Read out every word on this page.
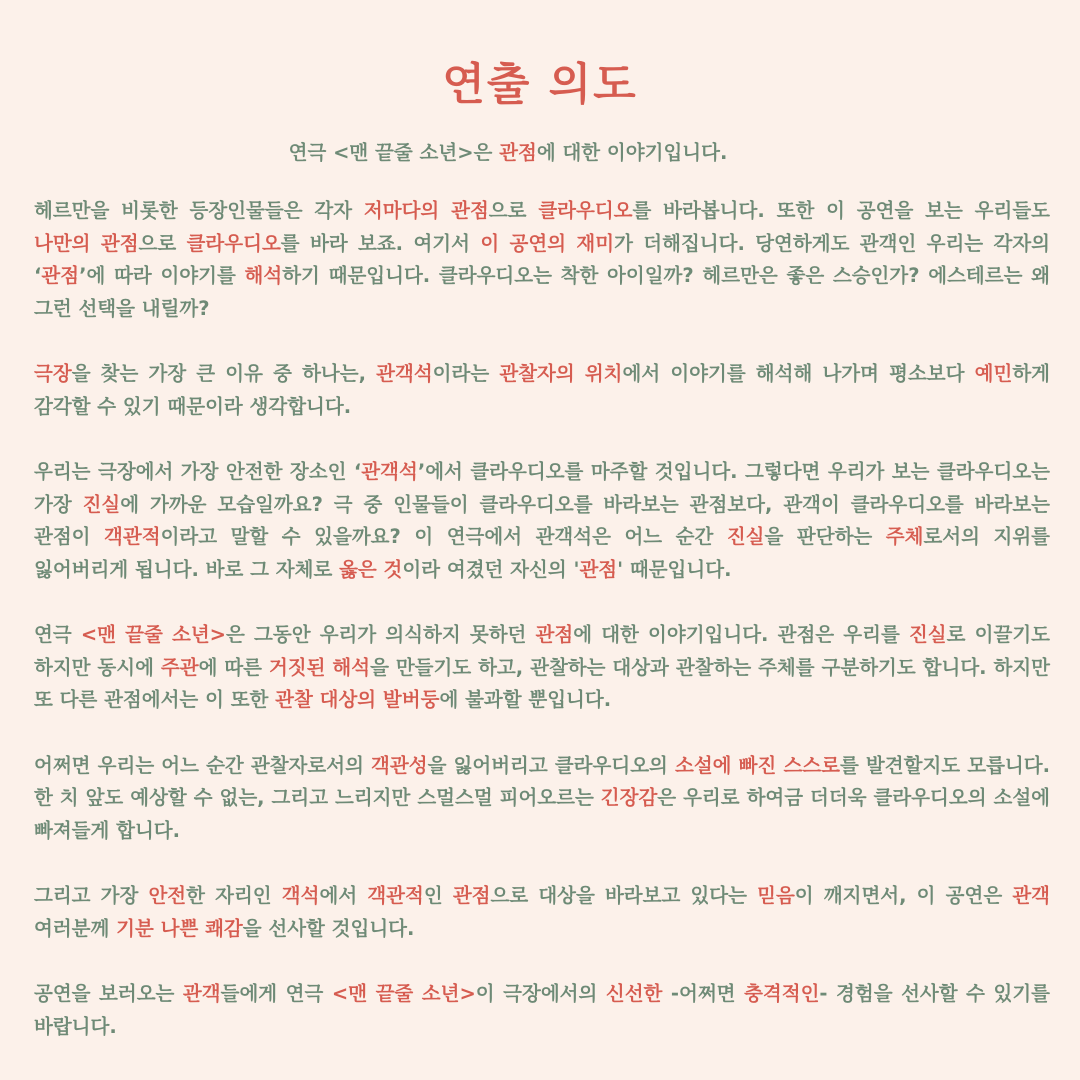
연출 의도
연극 <맨 끝줄 소년>은 관점에 대한 이야기입니다.

헤르만을 비롯한 등장인물들은 각자 저마다의 관점으로 클라우디오를 바라봅니다. 또한 이 공연을 보는 우리들도 나만의 관점으로 클라우디오를 바라 보죠. 여기서 이 공연의 재미가 더해집니다. 당연하게도 관객인 우리는 각자의 ‘관점’에 따라 이야기를 해석하기 때문입니다. 클라우디오는 착한 아이일까? 헤르만은 좋은 스승인가? 에스테르는 왜 그런 선택을 내릴까?

극장을 찾는 가장 큰 이유 중 하나는, 관객석이라는 관찰자의 위치에서 이야기를 해석해 나가며 평소보다 예민하게 감각할 수 있기 때문이라 생각합니다.

우리는 극장에서 가장 안전한 장소인 ‘관객석’에서 클라우디오를 마주할 것입니다. 그렇다면 우리가 보는 클라우디오는 가장 진실에 가까운 모습일까요? 극 중 인물들이 클라우디오를 바라보는 관점보다, 관객이 클라우디오를 바라보는 관점이 객관적이라고 말할 수 있을까요? 이 연극에서 관객석은 어느 순간 진실을 판단하는 주체로서의 지위를 잃어버리게 됩니다. 바로 그 자체로 옳은 것이라 여겼던 자신의 '관점' 때문입니다.

연극 <맨 끝줄 소년>은 그동안 우리가 의식하지 못하던 관점에 대한 이야기입니다. 관점은 우리를 진실로 이끌기도 하지만 동시에 주관에 따른 거짓된 해석을 만들기도 하고, 관찰하는 대상과 관찰하는 주체를 구분하기도 합니다. 하지만 또 다른 관점에서는 이 또한 관찰 대상의 발버둥에 불과할 뿐입니다.

어쩌면 우리는 어느 순간 관찰자로서의 객관성을 잃어버리고 클라우디오의 소설에 빠진 스스로를 발견할지도 모릅니다. 한 치 앞도 예상할 수 없는, 그리고 느리지만 스멀스멀 피어오르는 긴장감은 우리로 하여금 더더욱 클라우디오의 소설에 빠져들게 합니다.

그리고 가장 안전한 자리인 객석에서 객관적인 관점으로 대상을 바라보고 있다는 믿음이 깨지면서, 이 공연은 관객 여러분께 기분 나쁜 쾌감을 선사할 것입니다.

공연을 보러오는 관객들에게 연극 <맨 끝줄 소년>이 극장에서의 신선한 -어쩌면 충격적인- 경험을 선사할 수 있기를 바랍니다.
